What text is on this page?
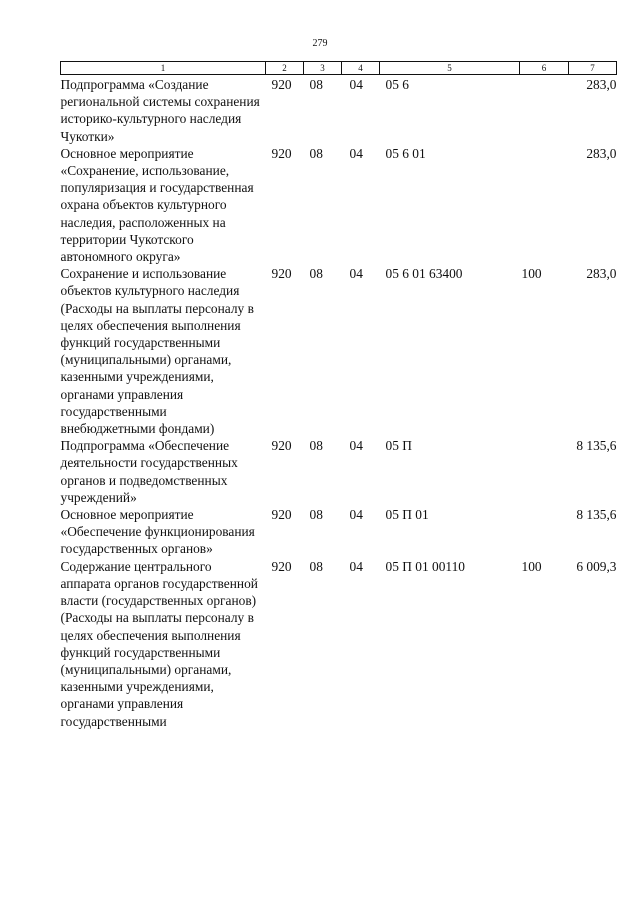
279
1	2	3	4	5	6	7
Подпрограмма «Создание региональной системы сохранения историко-культурного наследия Чукотки»	920	08	04	05 6		283,0
Основное мероприятие «Сохранение, использование, популяризация и государственная охрана объектов культурного наследия, расположенных на территории Чукотского автономного округа»	920	08	04	05 6 01		283,0
Сохранение и использование объектов культурного наследия (Расходы на выплаты персоналу в целях обеспечения выполнения функций государственными (муниципальными) органами, казенными учреждениями, органами управления государственными внебюджетными фондами)	920	08	04	05 6 01 63400	100	283,0
Подпрограмма «Обеспечение деятельности государственных органов и подведомственных учреждений»	920	08	04	05 П		8 135,6
Основное мероприятие «Обеспечение функционирования государственных органов»	920	08	04	05 П 01		8 135,6
Содержание центрального аппарата органов государственной власти (государственных органов) (Расходы на выплаты персоналу в целях обеспечения выполнения функций государственными (муниципальными) органами, казенными учреждениями, органами управления государственными	920	08	04	05 П 01 00110	100	6 009,3
